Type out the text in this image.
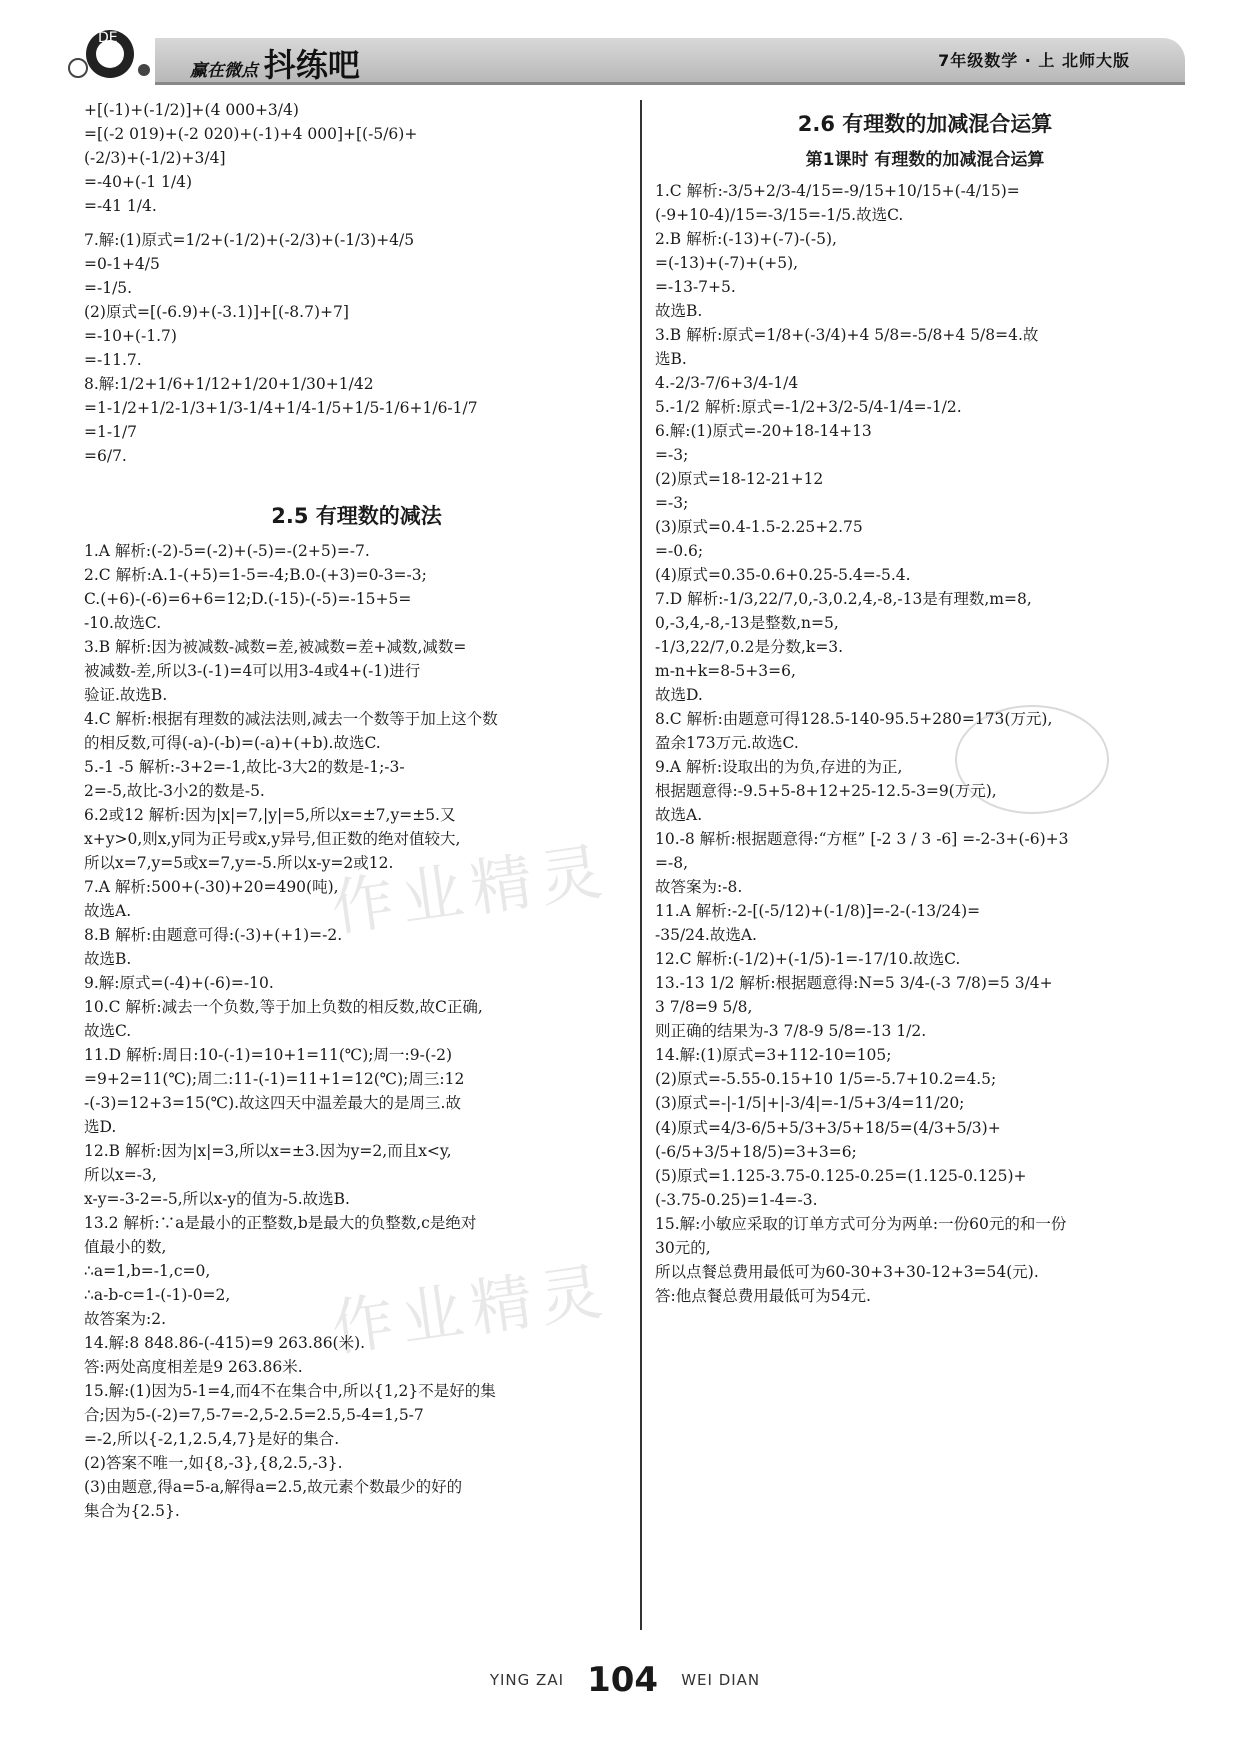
DE
赢在微点 抖练吧	7年级数学 · 上 北师大版
作业精灵
作业精灵
+[(-1)+(-1/2)]+(4 000+3/4)
=[(-2 019)+(-2 020)+(-1)+4 000]+[(-5/6)+
(-2/3)+(-1/2)+3/4]
=-40+(-1 1/4)
=-41 1/4.
7.解:(1)原式=1/2+(-1/2)+(-2/3)+(-1/3)+4/5
=0-1+4/5
=-1/5.
(2)原式=[(-6.9)+(-3.1)]+[(-8.7)+7]
=-10+(-1.7)
=-11.7.
8.解:1/2+1/6+1/12+1/20+1/30+1/42
=1-1/2+1/2-1/3+1/3-1/4+1/4-1/5+1/5-1/6+1/6-1/7
=1-1/7
=6/7.
2.5 有理数的减法
1.A 解析:(-2)-5=(-2)+(-5)=-(2+5)=-7.
2.C 解析:A.1-(+5)=1-5=-4;B.0-(+3)=0-3=-3;
C.(+6)-(-6)=6+6=12;D.(-15)-(-5)=-15+5=
-10.故选C.
3.B 解析:因为被减数-减数=差,被减数=差+减数,减数=
被减数-差,所以3-(-1)=4可以用3-4或4+(-1)进行
验证.故选B.
4.C 解析:根据有理数的减法法则,减去一个数等于加上这个数
的相反数,可得(-a)-(-b)=(-a)+(+b).故选C.
5.-1 -5 解析:-3+2=-1,故比-3大2的数是-1;-3-
2=-5,故比-3小2的数是-5.
6.2或12 解析:因为|x|=7,|y|=5,所以x=±7,y=±5.又
x+y>0,则x,y同为正号或x,y异号,但正数的绝对值较大,
所以x=7,y=5或x=7,y=-5.所以x-y=2或12.
7.A 解析:500+(-30)+20=490(吨),
故选A.
8.B 解析:由题意可得:(-3)+(+1)=-2.
故选B.
9.解:原式=(-4)+(-6)=-10.
10.C 解析:减去一个负数,等于加上负数的相反数,故C正确,
故选C.
11.D 解析:周日:10-(-1)=10+1=11(℃);周一:9-(-2)
=9+2=11(℃);周二:11-(-1)=11+1=12(℃);周三:12
-(-3)=12+3=15(℃).故这四天中温差最大的是周三.故
选D.
12.B 解析:因为|x|=3,所以x=±3.因为y=2,而且x<y,
所以x=-3,
x-y=-3-2=-5,所以x-y的值为-5.故选B.
13.2 解析:∵a是最小的正整数,b是最大的负整数,c是绝对
值最小的数,
∴a=1,b=-1,c=0,
∴a-b-c=1-(-1)-0=2,
故答案为:2.
14.解:8 848.86-(-415)=9 263.86(米).
答:两处高度相差是9 263.86米.
15.解:(1)因为5-1=4,而4不在集合中,所以{1,2}不是好的集
合;因为5-(-2)=7,5-7=-2,5-2.5=2.5,5-4=1,5-7
=-2,所以{-2,1,2.5,4,7}是好的集合.
(2)答案不唯一,如{8,-3},{8,2.5,-3}.
(3)由题意,得a=5-a,解得a=2.5,故元素个数最少的好的
集合为{2.5}.
2.6 有理数的加减混合运算
第1课时 有理数的加减混合运算
1.C 解析:-3/5+2/3-4/15=-9/15+10/15+(-4/15)=
(-9+10-4)/15=-3/15=-1/5.故选C.
2.B 解析:(-13)+(-7)-(-5),
=(-13)+(-7)+(+5),
=-13-7+5.
故选B.
3.B 解析:原式=1/8+(-3/4)+4 5/8=-5/8+4 5/8=4.故
选B.
4.-2/3-7/6+3/4-1/4
5.-1/2 解析:原式=-1/2+3/2-5/4-1/4=-1/2.
6.解:(1)原式=-20+18-14+13
=-3;
(2)原式=18-12-21+12
=-3;
(3)原式=0.4-1.5-2.25+2.75
=-0.6;
(4)原式=0.35-0.6+0.25-5.4=-5.4.
7.D 解析:-1/3,22/7,0,-3,0.2,4,-8,-13是有理数,m=8,
0,-3,4,-8,-13是整数,n=5,
-1/3,22/7,0.2是分数,k=3.
m-n+k=8-5+3=6,
故选D.
8.C 解析:由题意可得128.5-140-95.5+280=173(万元),
盈余173万元.故选C.
9.A 解析:设取出的为负,存进的为正,
根据题意得:-9.5+5-8+12+25-12.5-3=9(万元),
故选A.
10.-8 解析:根据题意得:“方框” [-2 3 / 3 -6] =-2-3+(-6)+3
=-8,
故答案为:-8.
11.A 解析:-2-[(-5/12)+(-1/8)]=-2-(-13/24)=
-35/24.故选A.
12.C 解析:(-1/2)+(-1/5)-1=-17/10.故选C.
13.-13 1/2 解析:根据题意得:N=5 3/4-(-3 7/8)=5 3/4+
3 7/8=9 5/8,
则正确的结果为-3 7/8-9 5/8=-13 1/2.
14.解:(1)原式=3+112-10=105;
(2)原式=-5.55-0.15+10 1/5=-5.7+10.2=4.5;
(3)原式=-|-1/5|+|-3/4|=-1/5+3/4=11/20;
(4)原式=4/3-6/5+5/3+3/5+18/5=(4/3+5/3)+
(-6/5+3/5+18/5)=3+3=6;
(5)原式=1.125-3.75-0.125-0.25=(1.125-0.125)+
(-3.75-0.25)=1-4=-3.
15.解:小敏应采取的订单方式可分为两单:一份60元的和一份
30元的,
所以点餐总费用最低可为60-30+3+30-12+3=54(元).
答:他点餐总费用最低可为54元.
YING ZAI 104 WEI DIAN
